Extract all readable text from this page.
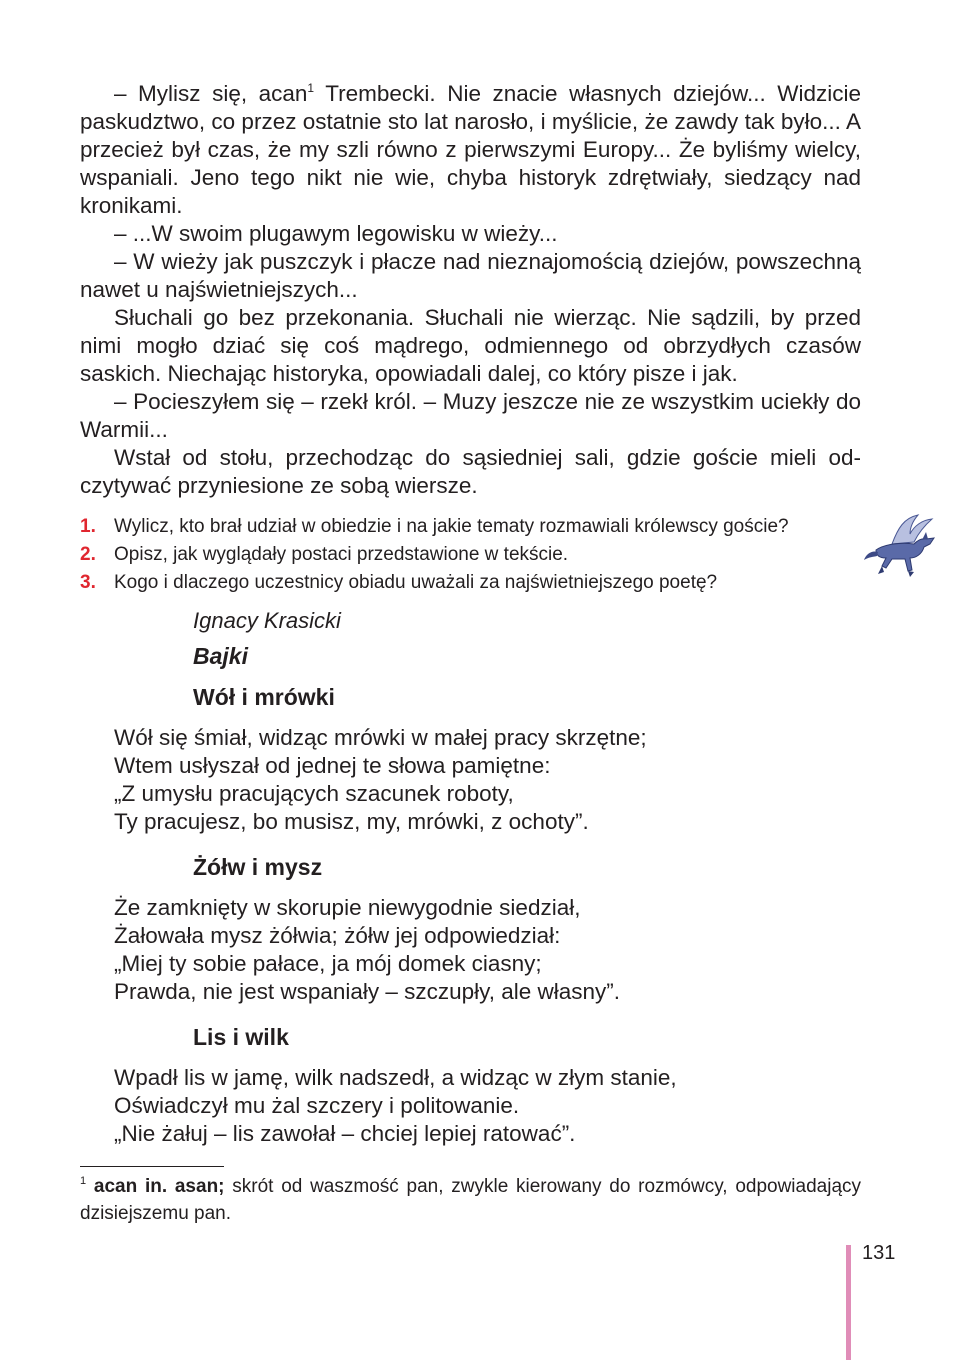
– Mylisz się, acan$^1$ Trembecki. Nie znacie własnych dziejów... Widzicie paskudztwo, co przez ostatnie sto lat narosło, i myślicie, że zawdy tak było... A przecież był czas, że my szli równo z pierwszymi Europy... Że byliśmy wielcy, wspaniali. Jeno tego nikt nie wie, chyba historyk zdrętwiały, siedzący nad kronikami.

– ...W swoim plugawym legowisku w wieży...

– W wieży jak puszczyk i płacze nad nieznajomością dziejów, powszechną nawet u najświetniejszych...

Słuchali go bez przekonania. Słuchali nie wierząc. Nie sądzili, by przed nimi mogło dziać się coś mądrego, odmiennego od obrzydłych czasów saskich. Niechając historyka, opowiadali dalej, co który pisze i jak.

– Pocieszyłem się – rzekł król. – Muzy jeszcze nie ze wszystkim uciekły do Warmii...

Wstał od stołu, przechodząc do sąsiedniej sali, gdzie goście mieli odczytywać przyniesione ze sobą wiersze.

1. Wylicz, kto brał udział w obiedzie i na jakie tematy rozmawiali królewscy goście?
2. Opisz, jak wyglądały postaci przedstawione w tekście.
3. Kogo i dlaczego uczestnicy obiadu uważali za najświetniejszego poetę?
Ignacy Krasicki
Bajki
Wół i mrówki
Wół się śmiał, widząc mrówki w małej pracy skrzętne;
Wtem usłyszał od jednej te słowa pamiętne:
„Z umysłu pracujących szacunek roboty,
Ty pracujesz, bo musisz, my, mrówki, z ochoty”.
Żółw i mysz
Że zamknięty w skorupie niewygodnie siedział,
Żałowała mysz żółwia; żółw jej odpowiedział:
„Miej ty sobie pałace, ja mój domek ciasny;
Prawda, nie jest wspaniały – szczupły, ale własny”.
Lis i wilk
Wpadł lis w jamę, wilk nadszedł, a widząc w złym stanie,
Oświadczył mu żal szczery i politowanie.
„Nie żałuj – lis zawołał – chciej lepiej ratować”.
$^1$ acan in. asan; skrót od waszmość pan, zwykle kierowany do rozmówcy, odpowiadający dzisiejszemu pan.
131
